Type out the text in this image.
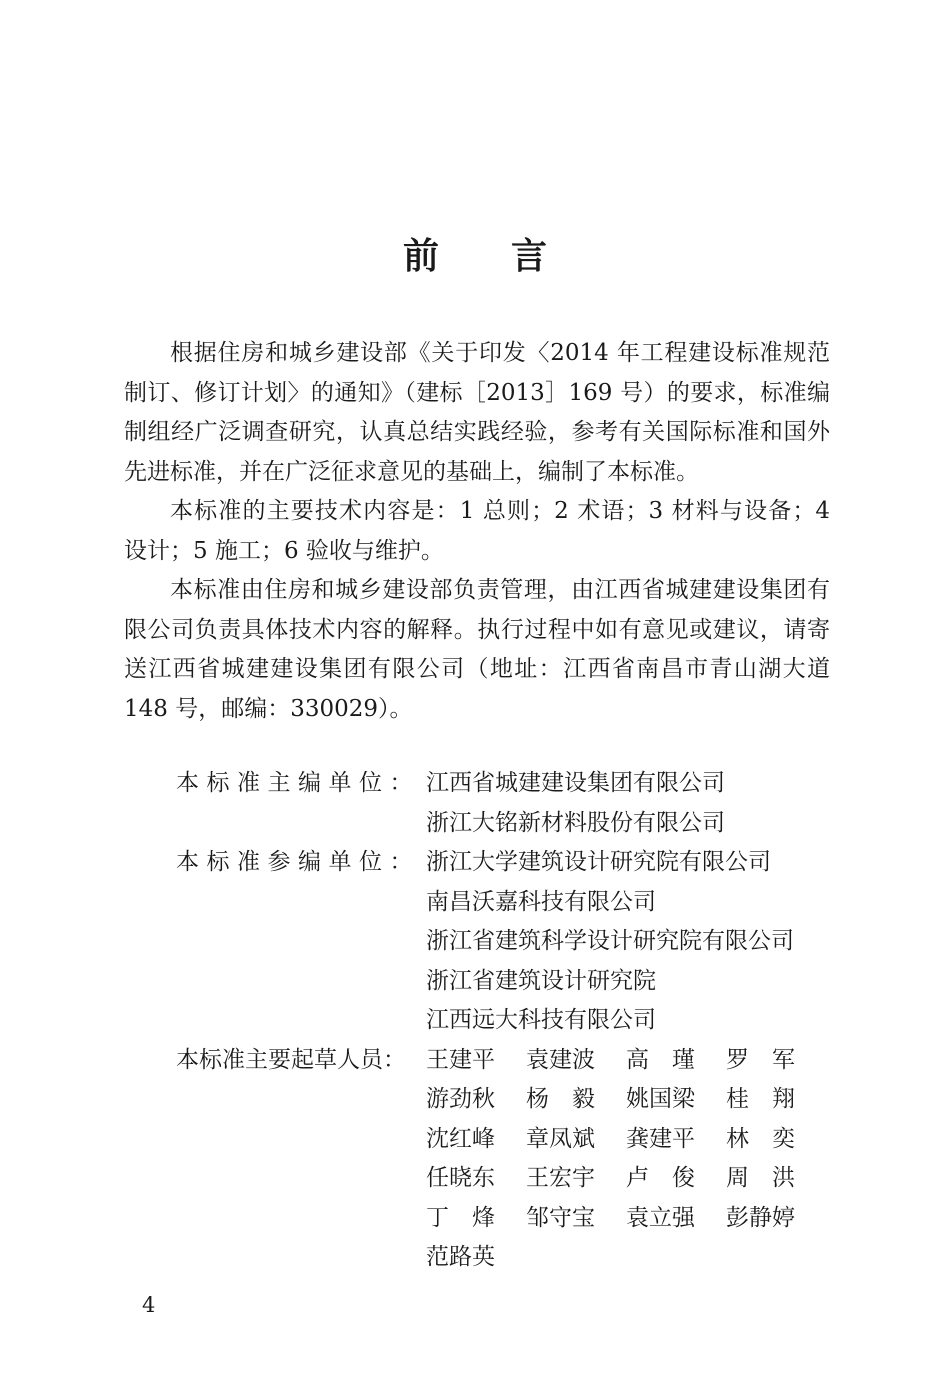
前 言

根据住房和城乡建设部《关于印发〈2014 年工程建设标准规范制订、修订计划〉的通知》（建标［2013］169 号）的要求，标准编制组经广泛调查研究，认真总结实践经验，参考有关国际标准和国外先进标准，并在广泛征求意见的基础上，编制了本标准。

本标准的主要技术内容是：1 总则；2 术语；3 材料与设备；4 设计；5 施工；6 验收与维护。

本标准由住房和城乡建设部负责管理，由江西省城建建设集团有限公司负责具体技术内容的解释。执行过程中如有意见或建议，请寄送江西省城建建设集团有限公司（地址：江西省南昌市青山湖大道 148 号，邮编：330029）。

本标准主编单位： 江西省城建建设集团有限公司
浙江大铭新材料股份有限公司
本标准参编单位： 浙江大学建筑设计研究院有限公司
南昌沃嘉科技有限公司
浙江省建筑科学设计研究院有限公司
浙江省建筑设计研究院
江西远大科技有限公司
本标准主要起草人员： 王建平	袁建波	高　瑾	罗　军
游劲秋	杨　毅	姚国梁	桂　翔
沈红峰	章凤斌	龚建平	林　奕
任晓东	王宏宇	卢　俊	周　洪
丁　烽	邹守宝	袁立强	彭静婷
范路英
4
